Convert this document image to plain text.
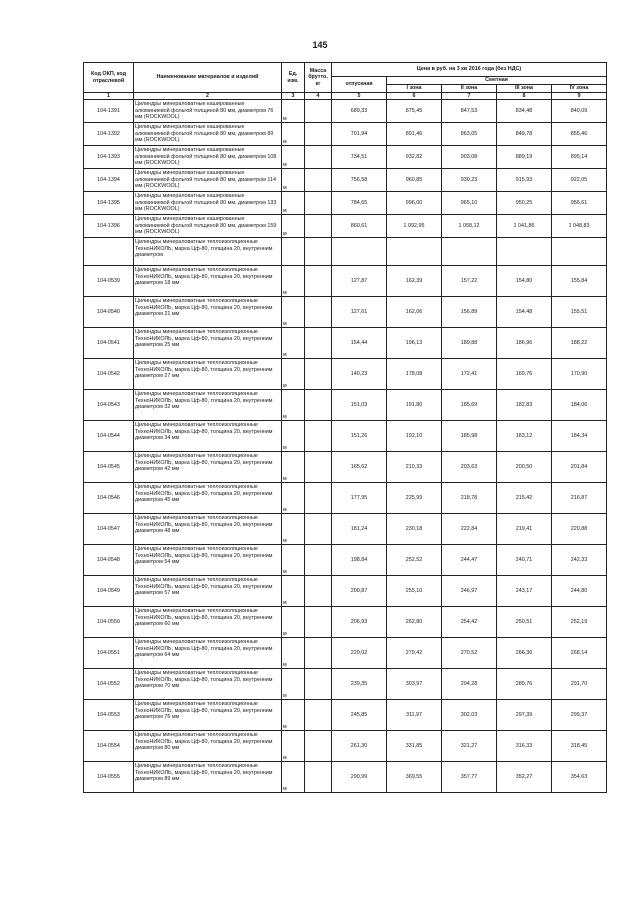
145
Код ОКП, код отраслевой	Наименование материалов и изделий	Ед. изм.	Масса брутто, кг	Цена в руб. на 3 кв 2016 года (без НДС)				
				отпускная	Сметная			
					I зона	II зона	III зона	IV зона
1	2	3	4	5	6	7	8	9
104-1391	Цилиндры минераловатные кашированные алюминиевой фольгой толщиной 80 мм, диаметром 76 мм (ROCKWOOL)	м		689,33	875,45	847,53	834,48	840,09
104-1392	Цилиндры минераловатные кашированные алюминиевой фольгой толщиной 80 мм, диаметром 89 мм (ROCKWOOL)	м		701,94	891,46	863,05	849,78	855,46
104-1393	Цилиндры минераловатные кашированные алюминиевой фольгой толщиной 80 мм, диаметром 108 мм (ROCKWOOL)	м		734,51	932,82	903,08	889,19	895,14
104-1394	Цилиндры минераловатные кашированные алюминиевой фольгой толщиной 80 мм, диаметром 114 мм (ROCKWOOL)	м		756,58	960,85	930,23	915,93	922,05
104-1395	Цилиндры минераловатные кашированные алюминиевой фольгой толщиной 80 мм, диаметром 133 мм (ROCKWOOL)	м		784,65	996,00	965,10	950,25	956,61
104-1396	Цилиндры минераловатные кашированные алюминиевой фольгой толщиной 80 мм, диаметром 159 мм (ROCKWOOL)	м		860,61	1 092,95	1 058,12	1 041,86	1 048,83
	Цилиндры минераловатные теплоизоляционные ТехноНИКОЛЬ, марка Цф-80, толщина 20, внутренним диаметром							
104-0539	Цилиндры минераловатные теплоизоляционные ТехноНИКОЛЬ, марка Цф-80, толщина 20, внутренним диаметром 18 мм	м		127,87	162,39	157,22	154,80	155,84
104-0540	Цилиндры минераловатные теплоизоляционные ТехноНИКОЛЬ, марка Цф-80, толщина 20, внутренним диаметром 21 мм	м		127,61	162,06	156,89	154,48	155,51
104-0541	Цилиндры минераловатные теплоизоляционные ТехноНИКОЛЬ, марка Цф-80, толщина 20, внутренним диаметром 25 мм	м		154,44	196,13	189,88	186,96	188,22
104-0542	Цилиндры минераловатные теплоизоляционные ТехноНИКОЛЬ, марка Цф-80, толщина 20, внутренним диаметром 27 мм	м		140,23	178,08	172,41	169,76	170,90
104-0543	Цилиндры минераловатные теплоизоляционные ТехноНИКОЛЬ, марка Цф-80, толщина 20, внутренним диаметром 32 мм	м		151,03	191,80	185,69	182,83	184,06
104-0544	Цилиндры минераловатные теплоизоляционные ТехноНИКОЛЬ, марка Цф-80, толщина 20, внутренним диаметром 34 мм	м		151,26	192,10	185,98	183,12	184,34
104-0545	Цилиндры минераловатные теплоизоляционные ТехноНИКОЛЬ, марка Цф-80, толщина 20, внутренним диаметром 42 мм	м		165,62	210,33	203,63	200,50	201,84
104-0546	Цилиндры минераловатные теплоизоляционные ТехноНИКОЛЬ, марка Цф-80, толщина 20, внутренним диаметром 45 мм	м		177,95	225,99	218,78	215,42	216,87
104-0547	Цилиндры минераловатные теплоизоляционные ТехноНИКОЛЬ, марка Цф-80, толщина 20, внутренним диаметром 48 мм	м		181,24	230,18	222,84	219,41	220,88
104-0548	Цилиндры минераловатные теплоизоляционные ТехноНИКОЛЬ, марка Цф-80, толщина 20, внутренним диаметром 54 мм	м		198,84	252,52	244,47	240,71	242,33
104-0549	Цилиндры минераловатные теплоизоляционные ТехноНИКОЛЬ, марка Цф-80, толщина 20, внутренним диаметром 57 мм	м		200,87	255,10	246,97	243,17	244,80
104-0550	Цилиндры минераловатные теплоизоляционные ТехноНИКОЛЬ, марка Цф-80, толщина 20, внутренним диаметром 60 мм	м		206,93	262,80	254,42	250,51	252,19
104-0551	Цилиндры минераловатные теплоизоляционные ТехноНИКОЛЬ, марка Цф-80, толщина 20, внутренним диаметром 64 мм	м		220,02	279,42	270,52	266,36	268,14
104-0552	Цилиндры минераловатные теплоизоляционные ТехноНИКОЛЬ, марка Цф-80, толщина 20, внутренним диаметром 70 мм	м		239,35	303,97	294,28	289,76	291,70
104-0553	Цилиндры минераловатные теплоизоляционные ТехноНИКОЛЬ, марка Цф-80, толщина 20, внутренним диаметром 76 мм	м		245,85	311,97	302,03	297,39	299,37
104-0554	Цилиндры минераловатные теплоизоляционные ТехноНИКОЛЬ, марка Цф-80, толщина 20, внутренним диаметром 80 мм	м		261,30	331,85	321,27	316,33	318,45
104-0555	Цилиндры минераловатные теплоизоляционные ТехноНИКОЛЬ, марка Цф-80, толщина 20, внутренним диаметром 89 мм	м		290,99	369,55	357,77	352,27	354,63
